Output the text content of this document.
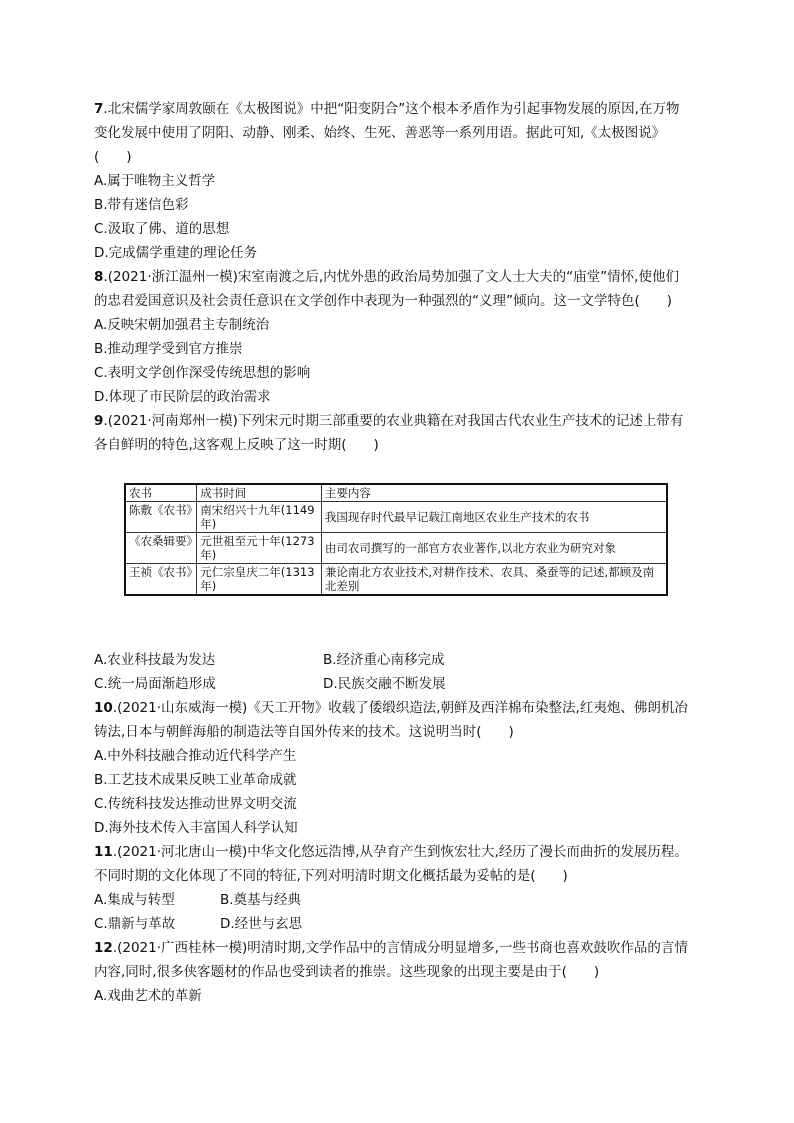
7.北宋儒学家周敦颐在《太极图说》中把“阳变阴合”这个根本矛盾作为引起事物发展的原因,在万物
变化发展中使用了阴阳、动静、刚柔、始终、生死、善恶等一系列用语。据此可知,《太极图说》
(　　)
A.属于唯物主义哲学
B.带有迷信色彩
C.汲取了佛、道的思想
D.完成儒学重建的理论任务
8.(2021·浙江温州一模)宋室南渡之后,内忧外患的政治局势加强了文人士大夫的“庙堂”情怀,使他们
的忠君爱国意识及社会责任意识在文学创作中表现为一种强烈的“义理”倾向。这一文学特色(　　)
A.反映宋朝加强君主专制统治
B.推动理学受到官方推崇
C.表明文学创作深受传统思想的影响
D.体现了市民阶层的政治需求
9.(2021·河南郑州一模)下列宋元时期三部重要的农业典籍在对我国古代农业生产技术的记述上带有
各自鲜明的特色,这客观上反映了这一时期(　　)
农书	成书时间	主要内容
陈敷《农书》	南宋绍兴十九年(1149年)	我国现存时代最早记载江南地区农业生产技术的农书
《农桑辑要》	元世祖至元十年(1273年)	由司农司撰写的一部官方农业著作,以北方农业为研究对象
王祯《农书》	元仁宗皇庆二年(1313年)	兼论南北方农业技术,对耕作技术、农具、桑蚕等的记述,都顾及南北差别
A.农业科技最为发达	B.经济重心南移完成
C.统一局面渐趋形成	D.民族交融不断发展
10.(2021·山东威海一模)《天工开物》收载了倭缎织造法,朝鲜及西洋棉布染整法,红夷炮、佛朗机冶
铸法,日本与朝鲜海船的制造法等自国外传来的技术。这说明当时(　　)
A.中外科技融合推动近代科学产生
B.工艺技术成果反映工业革命成就
C.传统科技发达推动世界文明交流
D.海外技术传入丰富国人科学认知
11.(2021·河北唐山一模)中华文化悠远浩博,从孕育产生到恢宏壮大,经历了漫长而曲折的发展历程。
不同时期的文化体现了不同的特征,下列对明清时期文化概括最为妥帖的是(　　)
A.集成与转型	B.奠基与经典
C.鼎新与革故	D.经世与玄思
12.(2021·广西桂林一模)明清时期,文学作品中的言情成分明显增多,一些书商也喜欢鼓吹作品的言情
内容,同时,很多侠客题材的作品也受到读者的推崇。这些现象的出现主要是由于(　　)
A.戏曲艺术的革新
